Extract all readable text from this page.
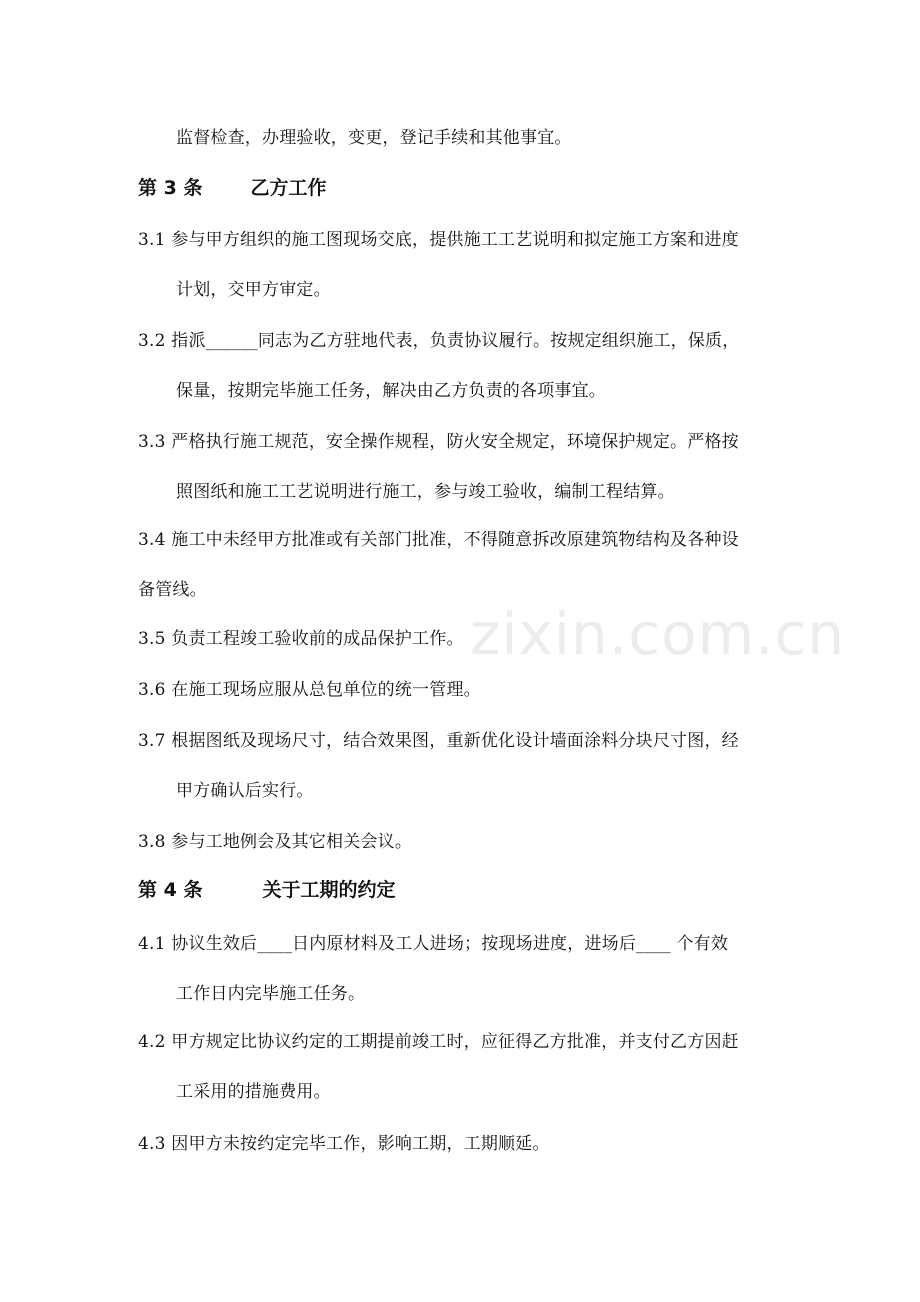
zixin.com.cn
监督检查，办理验收，变更，登记手续和其他事宜。
第 3 条	乙方工作
3.1 参与甲方组织的施工图现场交底，提供施工工艺说明和拟定施工方案和进度
计划，交甲方审定。
3.2 指派______同志为乙方驻地代表，负责协议履行。按规定组织施工，保质，
保量，按期完毕施工任务，解决由乙方负责的各项事宜。
3.3 严格执行施工规范，安全操作规程，防火安全规定，环境保护规定。严格按
照图纸和施工工艺说明进行施工，参与竣工验收，编制工程结算。
3.4 施工中未经甲方批准或有关部门批准，不得随意拆改原建筑物结构及各种设
备管线。
3.5 负责工程竣工验收前的成品保护工作。
3.6 在施工现场应服从总包单位的统一管理。
3.7 根据图纸及现场尺寸，结合效果图，重新优化设计墙面涂料分块尺寸图，经
甲方确认后实行。
3.8 参与工地例会及其它相关会议。
第 4 条	关于工期的约定
4.1 协议生效后____日内原材料及工人进场；按现场进度，进场后____ 个有效
工作日内完毕施工任务。
4.2 甲方规定比协议约定的工期提前竣工时，应征得乙方批准，并支付乙方因赶
工采用的措施费用。
4.3 因甲方未按约定完毕工作，影响工期，工期顺延。
